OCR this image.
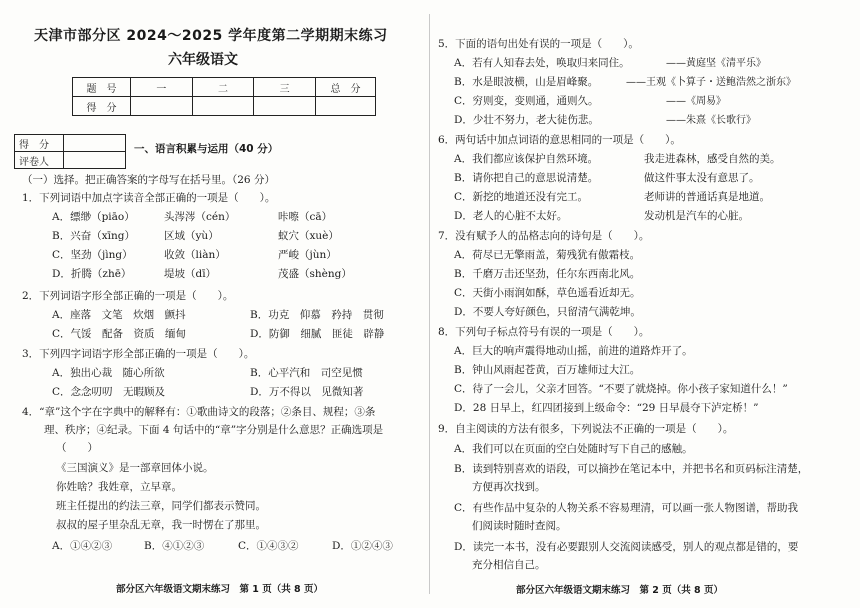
天津市部分区 2024～2025 学年度第二学期期末练习
六年级语文
题　号	一	二	三	总　分
得　分				
得　分	
评卷人	
一、语言积累与运用（40 分）
（一）选择。把正确答案的字母写在括号里。（26 分）
1．下列词语中加点字读音全部正确的一项是（　　）。
A．缥缈（piāo）	头涔涔（cén）	咔嚓（cā）
B．兴奋（xīng）	区域（yù）	蚁穴（xuè）
C．坚劲（jìng）	收敛（liàn）	严峻（jùn）
D．折腾（zhē）	堤坡（dī）	茂盛（shèng）
2．下列词语字形全部正确的一项是（　　）。
A．座落　文笔　炊烟　颤抖	B．功克　仰慕　矜持　贯彻
C．气馁　配备　资质　缅甸	D．防御　细腻　匪徒　辟静
3．下列四字词语字形全部正确的一项是（　　）。
A．独出心裁　随心所欲	B．心平汽和　司空见惯
C．念念叨叨　无暇顾及	D．万不得以　见微知著
4．“章”这个字在字典中的解释有：①歌曲诗文的段落；②条目、规程；③条
理、秩序；④纪录。下面 4 句话中的“章”字分别是什么意思？正确选项是
（　　）
《三国演义》是一部章回体小说。
你姓啥？我姓章，立早章。
班主任提出的约法三章，同学们都表示赞同。
叔叔的屋子里杂乱无章，我一时愣在了那里。
A．①④②③	B．④①②③	C．①④③②	D．①②④③
部分区六年级语文期末练习　第 1 页（共 8 页）
5．下面的语句出处有误的一项是（　　）。
A．若有人知春去处，唤取归来同住。	——黄庭坚《清平乐》
B．水是眼波横，山是眉峰聚。	——王观《卜算子・送鲍浩然之浙东》
C．穷则变，变则通，通则久。	——《周易》
D．少壮不努力，老大徒伤悲。	——朱熹《长歌行》
6．两句话中加点词语的意思相同的一项是（　　）。
A．我们都应该保护自然环境。	我走进森林，感受自然的美。
B．请你把自己的意思说清楚。	做这件事太没有意思了。
C．新挖的地道还没有完工。	老师讲的普通话真是地道。
D．老人的心脏不太好。	发动机是汽车的心脏。
7．没有赋予人的品格志向的诗句是（　　）。
A．荷尽已无擎雨盖，菊残犹有傲霜枝。
B．千磨万击还坚劲，任尔东西南北风。
C．天街小雨润如酥，草色遥看近却无。
D．不要人夸好颜色，只留清气满乾坤。
8．下列句子标点符号有误的一项是（　　）。
A．巨大的响声震得地动山摇，前进的道路炸开了。
B．钟山风雨起苍黄，百万雄师过大江。
C．待了一会儿，父亲才回答。“不要了就烧掉。你小孩子家知道什么！”
D．28 日早上，红四团接到上级命令：“29 日早晨夺下泸定桥！”
9．自主阅读的方法有很多，下列说法不正确的一项是（　　）。
A．我们可以在页面的空白处随时写下自己的感触。
B．读到特别喜欢的语段，可以摘抄在笔记本中，并把书名和页码标注清楚，
方便再次找到。
C．有些作品中复杂的人物关系不容易理清，可以画一张人物图谱，帮助我
们阅读时随时查阅。
D．读完一本书，没有必要跟别人交流阅读感受，别人的观点都是错的，要
充分相信自己。
部分区六年级语文期末练习　第 2 页（共 8 页）
